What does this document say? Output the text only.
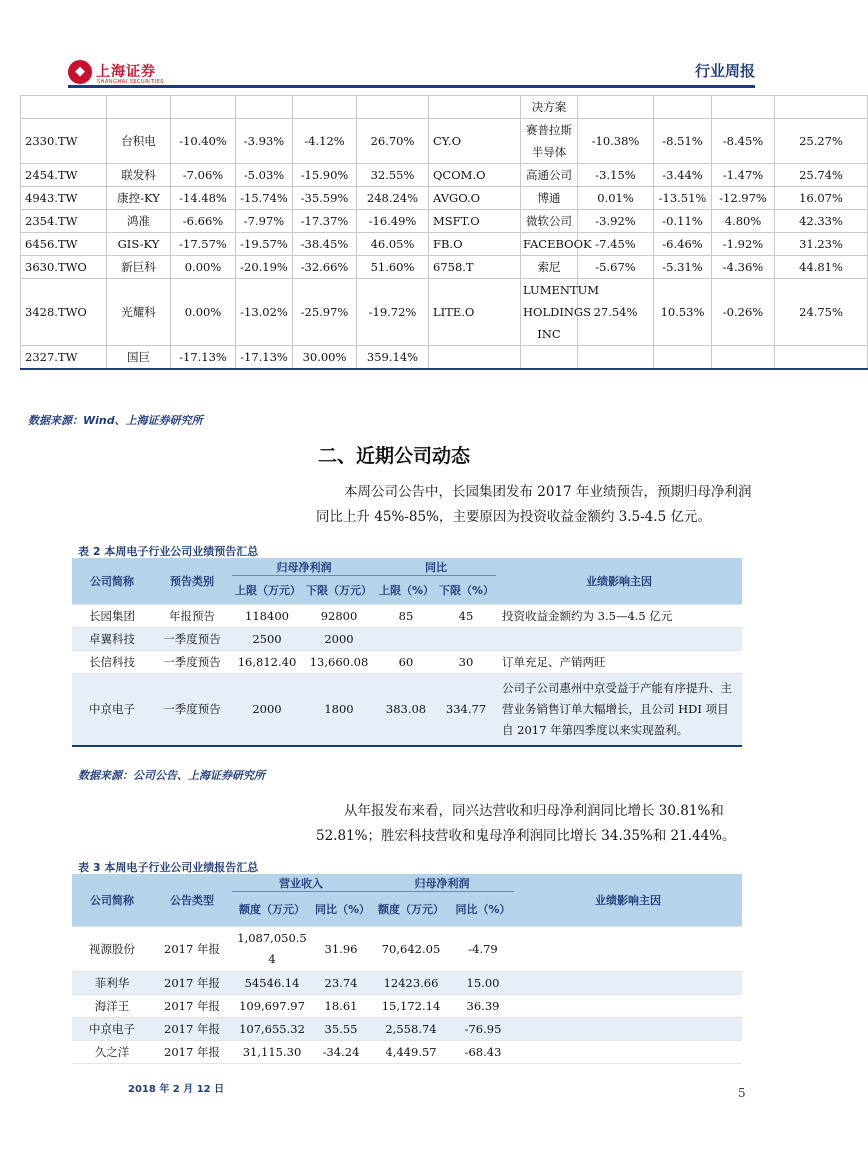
◆ 上海证券
SHANGHAI SECURITIES
行业周报
							决方案				
2330.TW	台积电	-10.40%	-3.93%	-4.12%	26.70%	CY.O	赛普拉斯半导体	-10.38%	-8.51%	-8.45%	25.27%
2454.TW	联发科	-7.06%	-5.03%	-15.90%	32.55%	QCOM.O	高通公司	-3.15%	-3.44%	-1.47%	25.74%
4943.TW	康控-KY	-14.48%	-15.74%	-35.59%	248.24%	AVGO.O	博通	0.01%	-13.51%	-12.97%	16.07%
2354.TW	鸿准	-6.66%	-7.97%	-17.37%	-16.49%	MSFT.O	微软公司	-3.92%	-0.11%	4.80%	42.33%
6456.TW	GIS-KY	-17.57%	-19.57%	-38.45%	46.05%	FB.O	FACEBOOK	-7.45%	-6.46%	-1.92%	31.23%
3630.TWO	新巨科	0.00%	-20.19%	-32.66%	51.60%	6758.T	索尼	-5.67%	-5.31%	-4.36%	44.81%
3428.TWO	光耀科	0.00%	-13.02%	-25.97%	-19.72%	LITE.O	LUMENTUM HOLDINGS INC	27.54%	10.53%	-0.26%	24.75%
2327.TW	国巨	-17.13%	-17.13%	30.00%	359.14%						
数据来源：Wind、上海证券研究所
二、近期公司动态
本周公司公告中，长园集团发布 2017 年业绩预告，预期归母净利润同比上升 45%-85%，主要原因为投资收益金额约 3.5-4.5 亿元。
表 2 本周电子行业公司业绩预告汇总
公司简称	预告类别	归母净利润		同比		业绩影响主因
		上限（万元）	下限（万元）	上限（%）	下限（%）	
长园集团	年报预告	118400	92800	85	45	投资收益金额约为 3.5—4.5 亿元
卓翼科技	一季度预告	2500	2000			
长信科技	一季度预告	16,812.40	13,660.08	60	30	订单充足、产销两旺
中京电子	一季度预告	2000	1800	383.08	334.77	公司子公司惠州中京受益于产能有序提升、主营业务销售订单大幅增长，且公司 HDI 项目自 2017 年第四季度以来实现盈利。
数据来源：公司公告、上海证券研究所
从年报发布来看，同兴达营收和归母净利润同比增长 30.81%和 52.81%；胜宏科技营收和鬼母净利润同比增长 34.35%和 21.44%。
表 3 本周电子行业公司业绩报告汇总
公司简称	公告类型	营业收入		归母净利润		业绩影响主因
		额度（万元）	同比（%）	额度（万元）	同比（%）	
视源股份	2017 年报	1,087,050.54	31.96	70,642.05	-4.79	
菲利华	2017 年报	54546.14	23.74	12423.66	15.00	
海洋王	2017 年报	109,697.97	18.61	15,172.14	36.39	
中京电子	2017 年报	107,655.32	35.55	2,558.74	-76.95	
久之洋	2017 年报	31,115.30	-34.24	4,449.57	-68.43	
2018 年 2 月 12 日	5
